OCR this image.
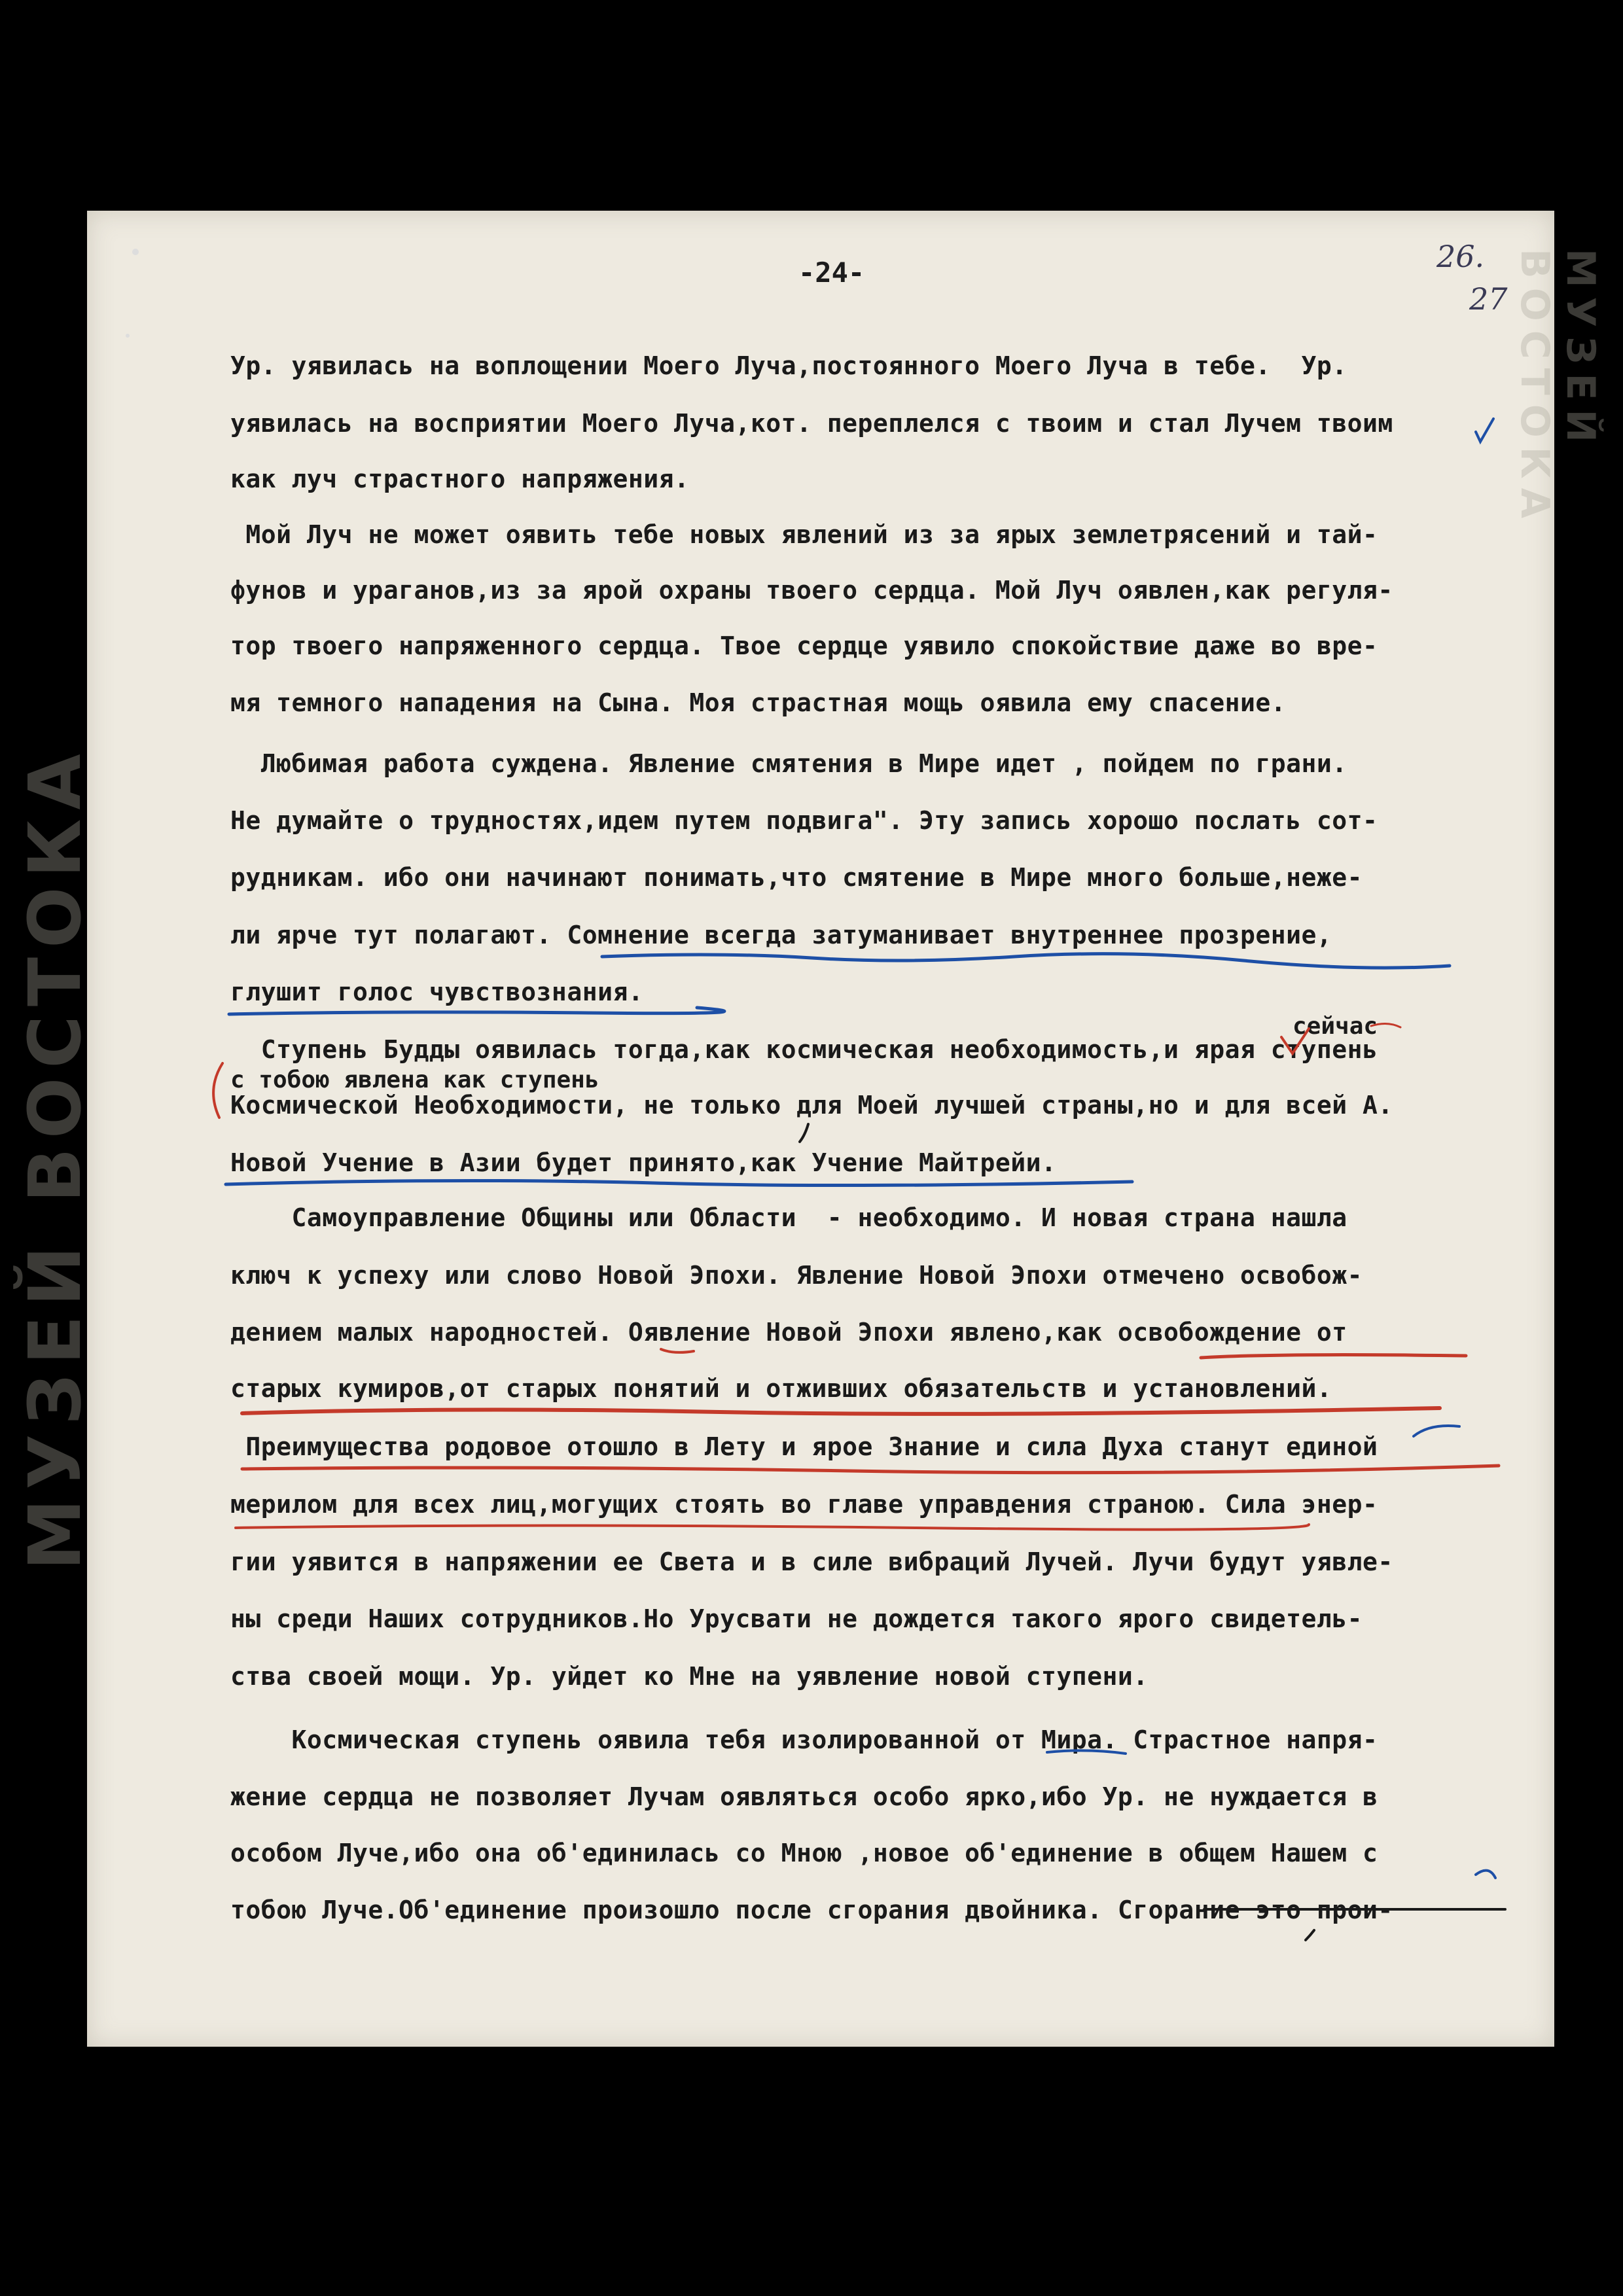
МУЗЕЙ ВОСТОКА
МУЗЕЙ ВОСТОКА
-24-	26.
27
Ур. уявилась на воплощении Моего Луча,постоянного Моего Луча в тебе.  Ур.
уявилась на восприятии Моего Луча,кот. переплелся с твоим и стал Лучем твоим
как луч страстного напряжения.
Мой Луч не может оявить тебе новых явлений из за ярых землетрясений и тай-
фунов и ураганов,из за ярой охраны твоего сердца. Мой Луч оявлен,как регуля-
тор твоего напряженного сердца. Твое сердце уявило спокойствие даже во вре-
мя темного нападения на Сына. Моя страстная мощь оявила ему спасение.
Любимая работа суждена. Явление смятения в Мире идет , пойдем по грани.
Не думайте о трудностях,идем путем подвига". Эту запись хорошо послать сот-
рудникам. ибо они начинают понимать,что смятение в Мире много больше,неже-
ли ярче тут полагают. Сомнение всегда затуманивает внутреннее прозрение,
глушит голос чувствознания.
Ступень Будды оявилась тогда,как космическая необходимость,и ярая ступень
Космической Необходимости, не только для Моей лучшей страны,но и для всей А.
Новой Учение в Азии будет принято,как Учение Майтрейи.
Самоуправление Общины или Области  - необходимо. И новая страна нашла
ключ к успеху или слово Новой Эпохи. Явление Новой Эпохи отмечено освобож-
дением малых народностей. Оявление Новой Эпохи явлено,как освобождение от
старых кумиров,от старых понятий и отживших обязательств и установлений.
Преимущества родовое отошло в Лету и ярое Знание и сила Духа станут единой
мерилом для всех лиц,могущих стоять во главе управдения страною. Сила энер-
гии уявится в напряжении ее Света и в силе вибраций Лучей. Лучи будут уявле-
ны среди Наших сотрудников.Но Урусвати не дождется такого ярого свидетель-
ства своей мощи. Ур. уйдет ко Мне на уявление новой ступени.
Космическая ступень оявила тебя изолированной от Мира. Страстное напря-
жение сердца не позволяет Лучам оявляться особо ярко,ибо Ур. не нуждается в
особом Луче,ибо она об'единилась со Мною ,новое об'единение в общем Нашем с
тобою Луче.Об'единение произошло после сгорания двойника. Сгорание это прои-
сейчас
с тобою явлена как ступень
